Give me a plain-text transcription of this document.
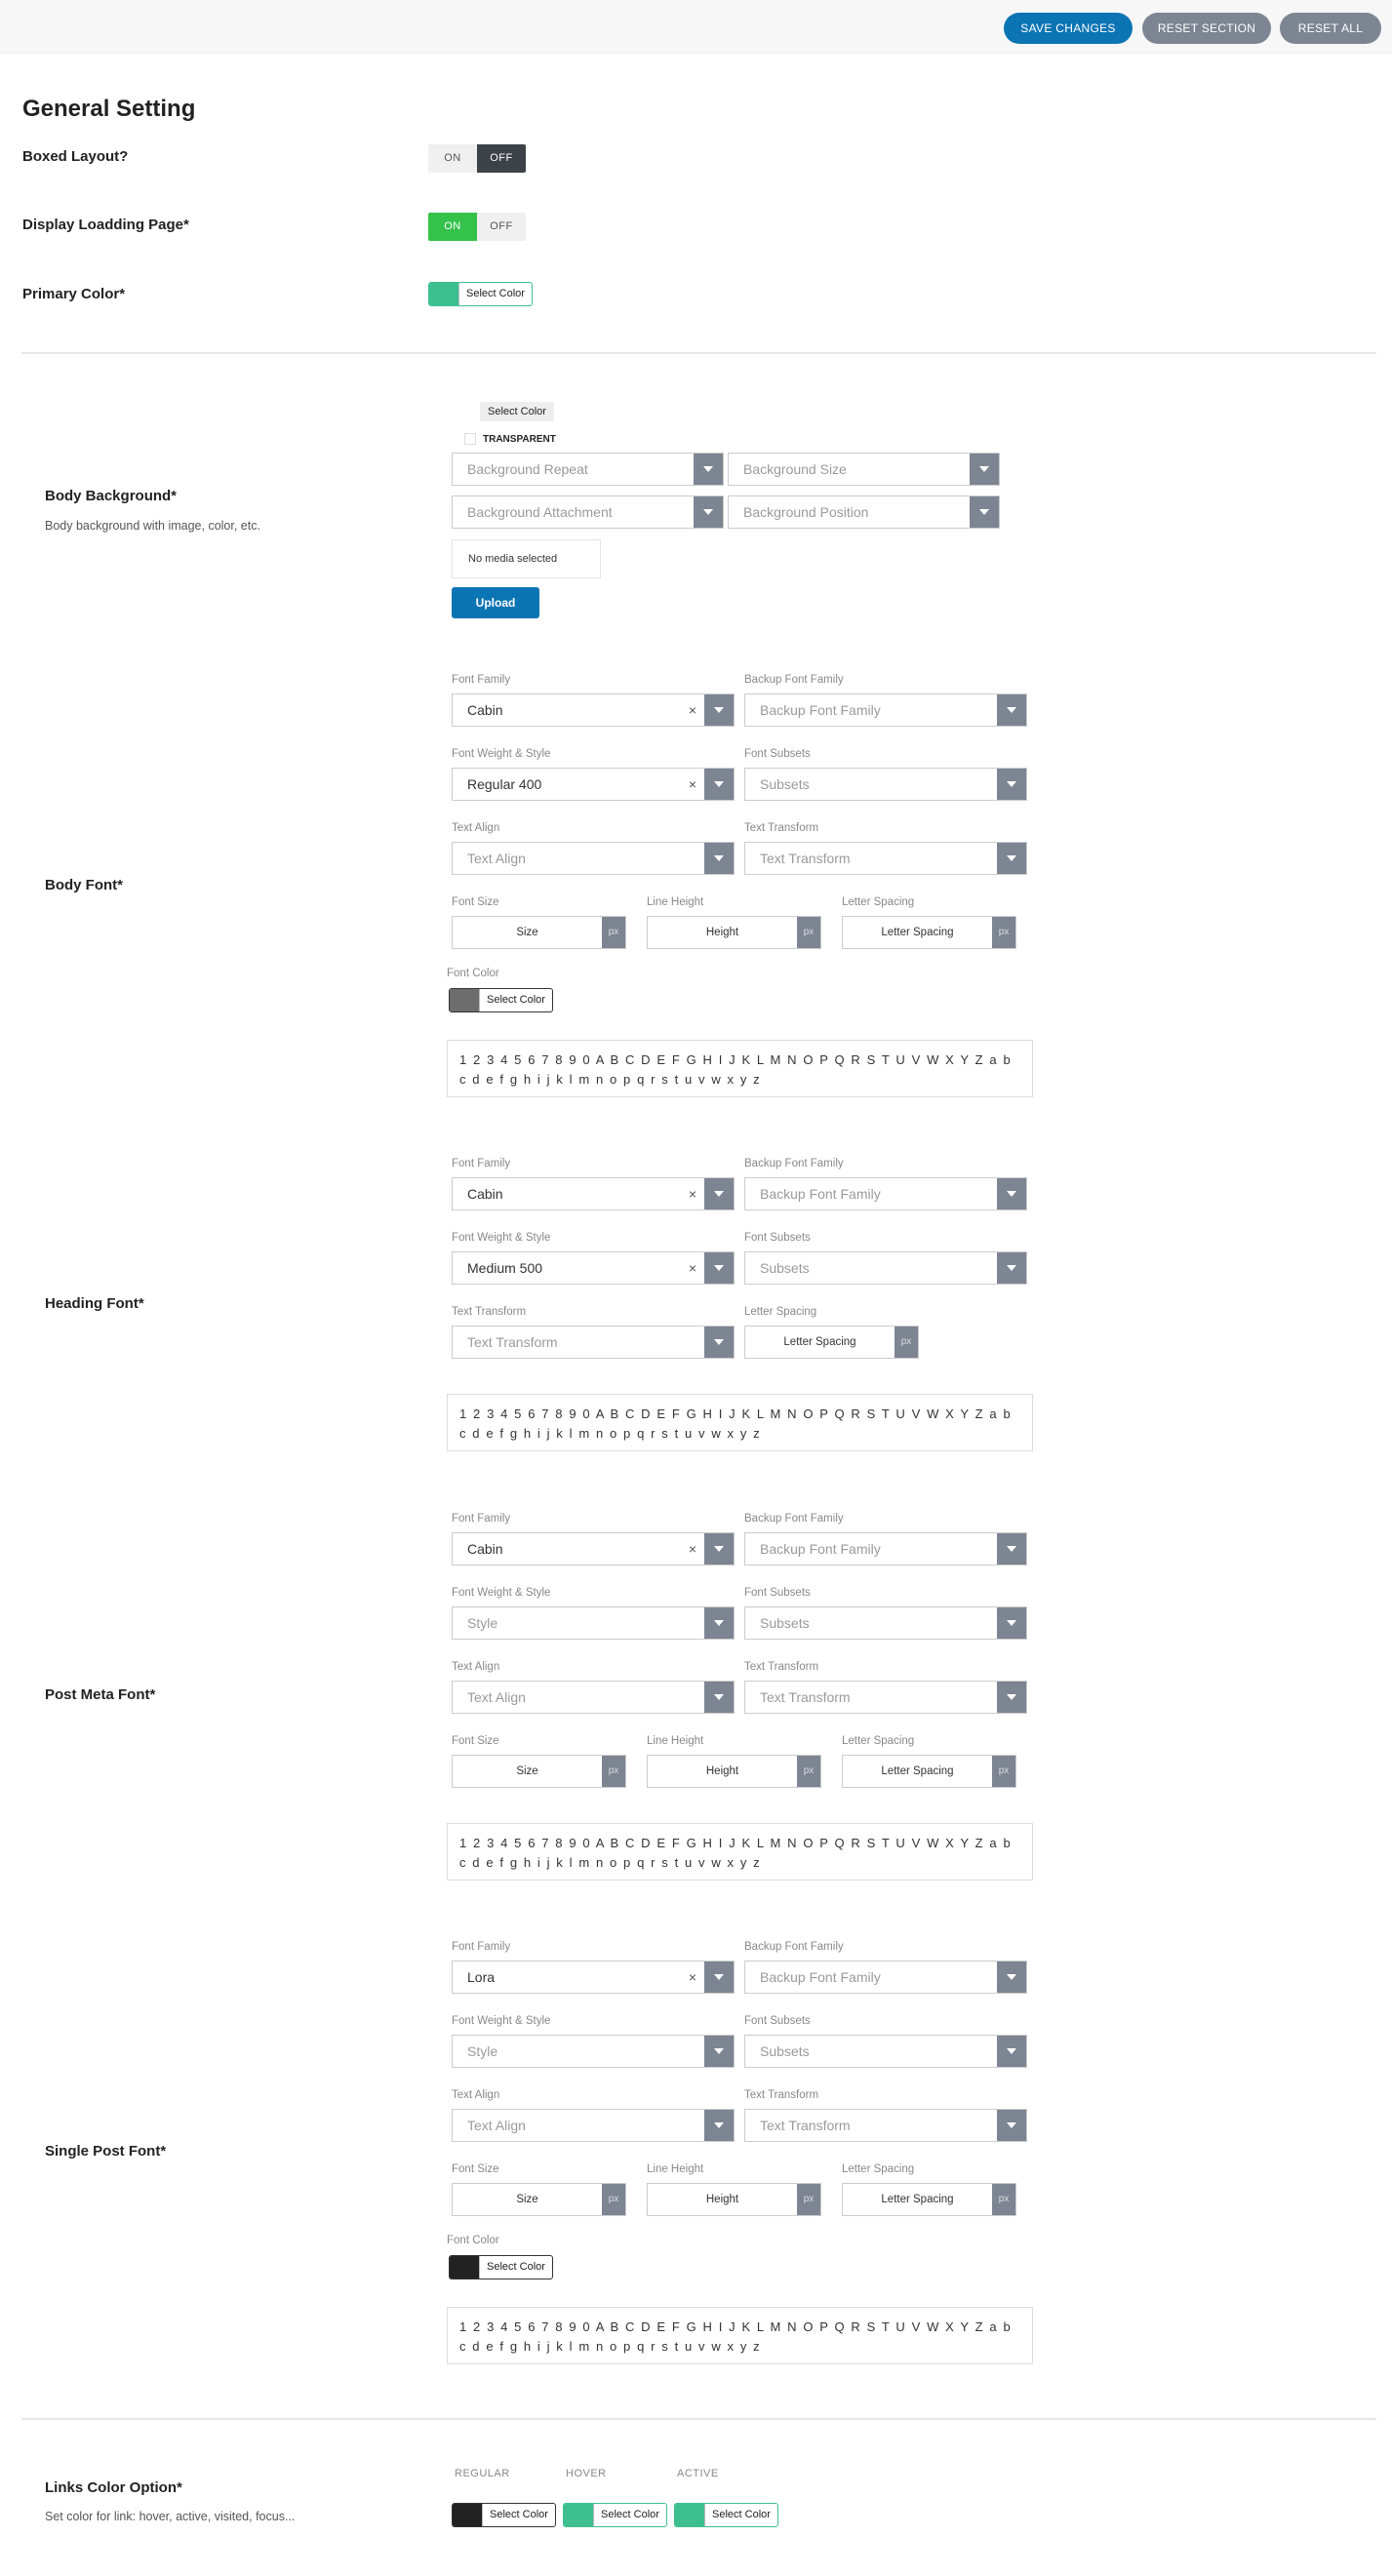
SAVE CHANGES	RESET SECTION	RESET ALL
General Setting
Boxed Layout?	ON	OFF
Display Loadding Page*	ON	OFF
Primary Color*	Select Color
Body Background*
Body background with image, color, etc.
Select Color
TRANSPARENT
Background Repeat	Background Size
Background Attachment	Background Position
No media selected
Upload
Body Font*
Font Family	Backup Font Family
Cabin	×	Backup Font Family
Font Weight & Style	Font Subsets
Regular 400	×	Subsets
Text Align	Text Transform
Text Align	Text Transform
Font Size	Line Height	Letter Spacing
Size	px	Height	px	Letter Spacing	px
Font Color
Select Color
1 2 3 4 5 6 7 8 9 0 A B C D E F G H I J K L M N O P Q R S T U V W X Y Z a b c d e f g h i j k l m n o p q r s t u v w x y z
Heading Font*
Font Family	Backup Font Family
Cabin	×	Backup Font Family
Font Weight & Style	Font Subsets
Medium 500	×	Subsets
Text Transform	Letter Spacing
Text Transform	Letter Spacing	px
1 2 3 4 5 6 7 8 9 0 A B C D E F G H I J K L M N O P Q R S T U V W X Y Z a b c d e f g h i j k l m n o p q r s t u v w x y z
Post Meta Font*
Font Family	Backup Font Family
Cabin	×	Backup Font Family
Font Weight & Style	Font Subsets
Style	Subsets
Text Align	Text Transform
Text Align	Text Transform
Font Size	Line Height	Letter Spacing
Size	px	Height	px	Letter Spacing	px
1 2 3 4 5 6 7 8 9 0 A B C D E F G H I J K L M N O P Q R S T U V W X Y Z a b c d e f g h i j k l m n o p q r s t u v w x y z
Single Post Font*
Font Family	Backup Font Family
Lora	×	Backup Font Family
Font Weight & Style	Font Subsets
Style	Subsets
Text Align	Text Transform
Text Align	Text Transform
Font Size	Line Height	Letter Spacing
Size	px	Height	px	Letter Spacing	px
Font Color
Select Color
1 2 3 4 5 6 7 8 9 0 A B C D E F G H I J K L M N O P Q R S T U V W X Y Z a b c d e f g h i j k l m n o p q r s t u v w x y z
Links Color Option*
Set color for link: hover, active, visited, focus...
REGULAR	HOVER	ACTIVE
Select Color	Select Color	Select Color
